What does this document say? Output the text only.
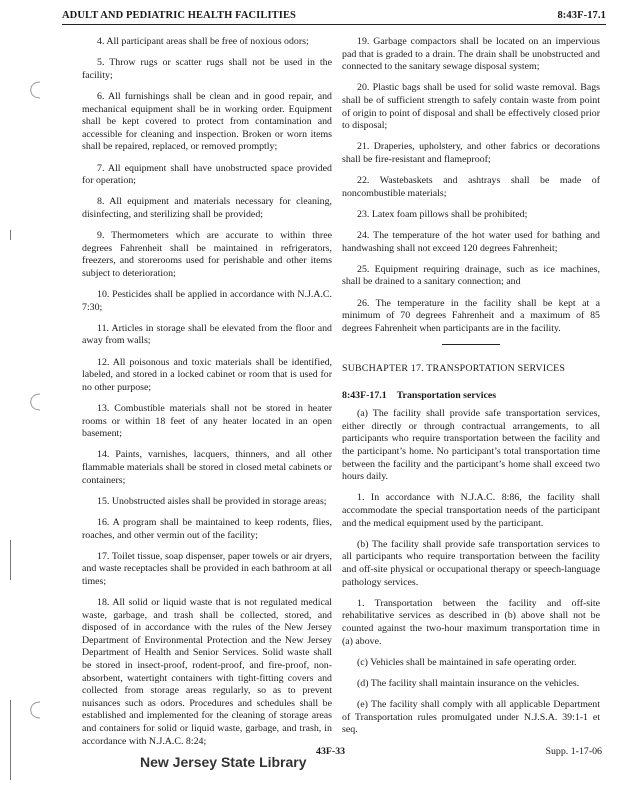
ADULT AND PEDIATRIC HEALTH FACILITIES	8:43F-17.1

4. All participant areas shall be free of noxious odors;

5. Throw rugs or scatter rugs shall not be used in the facility;

6. All furnishings shall be clean and in good repair, and mechanical equipment shall be in working order. Equipment shall be kept covered to protect from contamination and accessible for cleaning and inspection. Broken or worn items shall be repaired, replaced, or removed promptly;

7. All equipment shall have unobstructed space provided for operation;

8. All equipment and materials necessary for cleaning, disinfecting, and sterilizing shall be provided;

9. Thermometers which are accurate to within three degrees Fahrenheit shall be maintained in refrigerators, freezers, and storerooms used for perishable and other items subject to deterioration;

10. Pesticides shall be applied in accordance with N.J.A.C. 7:30;

11. Articles in storage shall be elevated from the floor and away from walls;

12. All poisonous and toxic materials shall be identified, labeled, and stored in a locked cabinet or room that is used for no other purpose;

13. Combustible materials shall not be stored in heater rooms or within 18 feet of any heater located in an open basement;

14. Paints, varnishes, lacquers, thinners, and all other flammable materials shall be stored in closed metal cabinets or containers;

15. Unobstructed aisles shall be provided in storage areas;

16. A program shall be maintained to keep rodents, flies, roaches, and other vermin out of the facility;

17. Toilet tissue, soap dispenser, paper towels or air dryers, and waste receptacles shall be provided in each bathroom at all times;

18. All solid or liquid waste that is not regulated medical waste, garbage, and trash shall be collected, stored, and disposed of in accordance with the rules of the New Jersey Department of Environmental Protection and the New Jersey Department of Health and Senior Services. Solid waste shall be stored in insect-proof, rodent-proof, and fire-proof, non-absorbent, watertight containers with tight-fitting covers and collected from storage areas regularly, so as to prevent nuisances such as odors. Procedures and schedules shall be established and implemented for the cleaning of storage areas and containers for solid or liquid waste, garbage, and trash, in accordance with N.J.A.C. 8:24;

19. Garbage compactors shall be located on an impervious pad that is graded to a drain. The drain shall be unobstructed and connected to the sanitary sewage disposal system;

20. Plastic bags shall be used for solid waste removal. Bags shall be of sufficient strength to safely contain waste from point of origin to point of disposal and shall be effectively closed prior to disposal;

21. Draperies, upholstery, and other fabrics or decorations shall be fire-resistant and flameproof;

22. Wastebaskets and ashtrays shall be made of noncombustible materials;

23. Latex foam pillows shall be prohibited;

24. The temperature of the hot water used for bathing and handwashing shall not exceed 120 degrees Fahrenheit;

25. Equipment requiring drainage, such as ice machines, shall be drained to a sanitary connection; and

26. The temperature in the facility shall be kept at a minimum of 70 degrees Fahrenheit and a maximum of 85 degrees Fahrenheit when participants are in the facility.

SUBCHAPTER 17. TRANSPORTATION SERVICES

8:43F-17.1 Transportation services

(a) The facility shall provide safe transportation services, either directly or through contractual arrangements, to all participants who require transportation between the facility and the participant’s home. No participant’s total transportation time between the facility and the participant’s home shall exceed two hours daily.

1. In accordance with N.J.A.C. 8:86, the facility shall accommodate the special transportation needs of the participant and the medical equipment used by the participant.

(b) The facility shall provide safe transportation services to all participants who require transportation between the facility and off-site physical or occupational therapy or speech-language pathology services.

1. Transportation between the facility and off-site rehabilitative services as described in (b) above shall not be counted against the two-hour maximum transportation time in (a) above.

(c) Vehicles shall be maintained in safe operating order.

(d) The facility shall maintain insurance on the vehicles.

(e) The facility shall comply with all applicable Department of Transportation rules promulgated under N.J.S.A. 39:1-1 et seq.

43F-33	Supp. 1-17-06
New Jersey State Library
